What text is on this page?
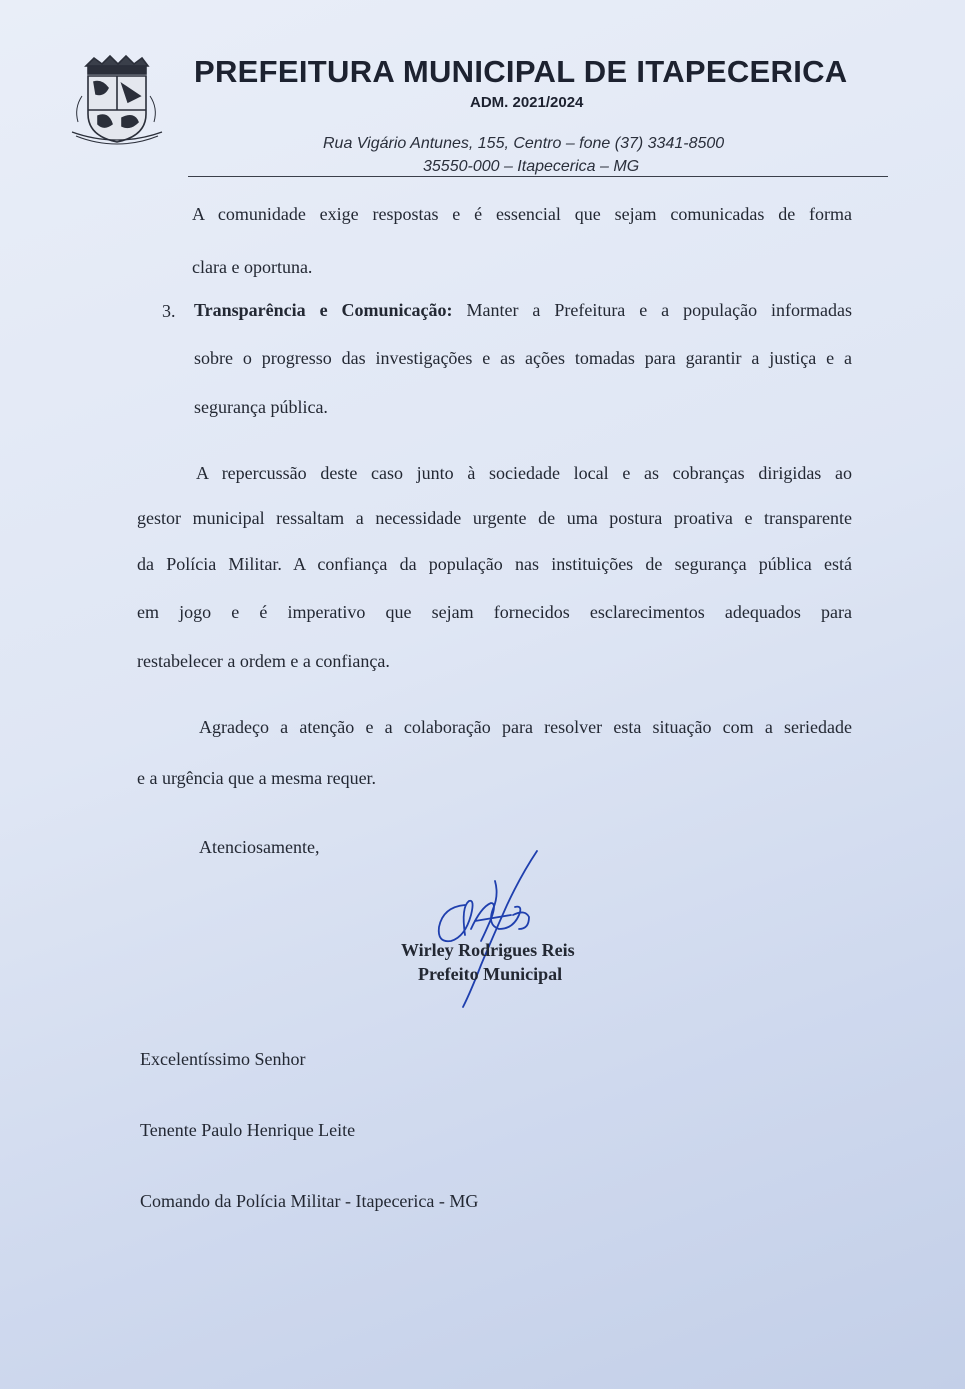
PREFEITURA MUNICIPAL DE ITAPECERICA
ADM. 2021/2024
Rua Vigário Antunes, 155, Centro – fone (37) 3341-8500
35550-000 – Itapecerica – MG
A comunidade exige respostas e é essencial que sejam comunicadas de forma
clara e oportuna.
3. Transparência e Comunicação: Manter a Prefeitura e a população informadas
sobre o progresso das investigações e as ações tomadas para garantir a justiça e a
segurança pública.
A repercussão deste caso junto à sociedade local e as cobranças dirigidas ao
gestor municipal ressaltam a necessidade urgente de uma postura proativa e transparente
da Polícia Militar. A confiança da população nas instituições de segurança pública está
em jogo e é imperativo que sejam fornecidos esclarecimentos adequados para
restabelecer a ordem e a confiança.
Agradeço a atenção e a colaboração para resolver esta situação com a seriedade
e a urgência que a mesma requer.
Atenciosamente,
Wirley Rodrigues Reis
Prefeito Municipal
Excelentíssimo Senhor
Tenente Paulo Henrique Leite
Comando da Polícia Militar - Itapecerica - MG
